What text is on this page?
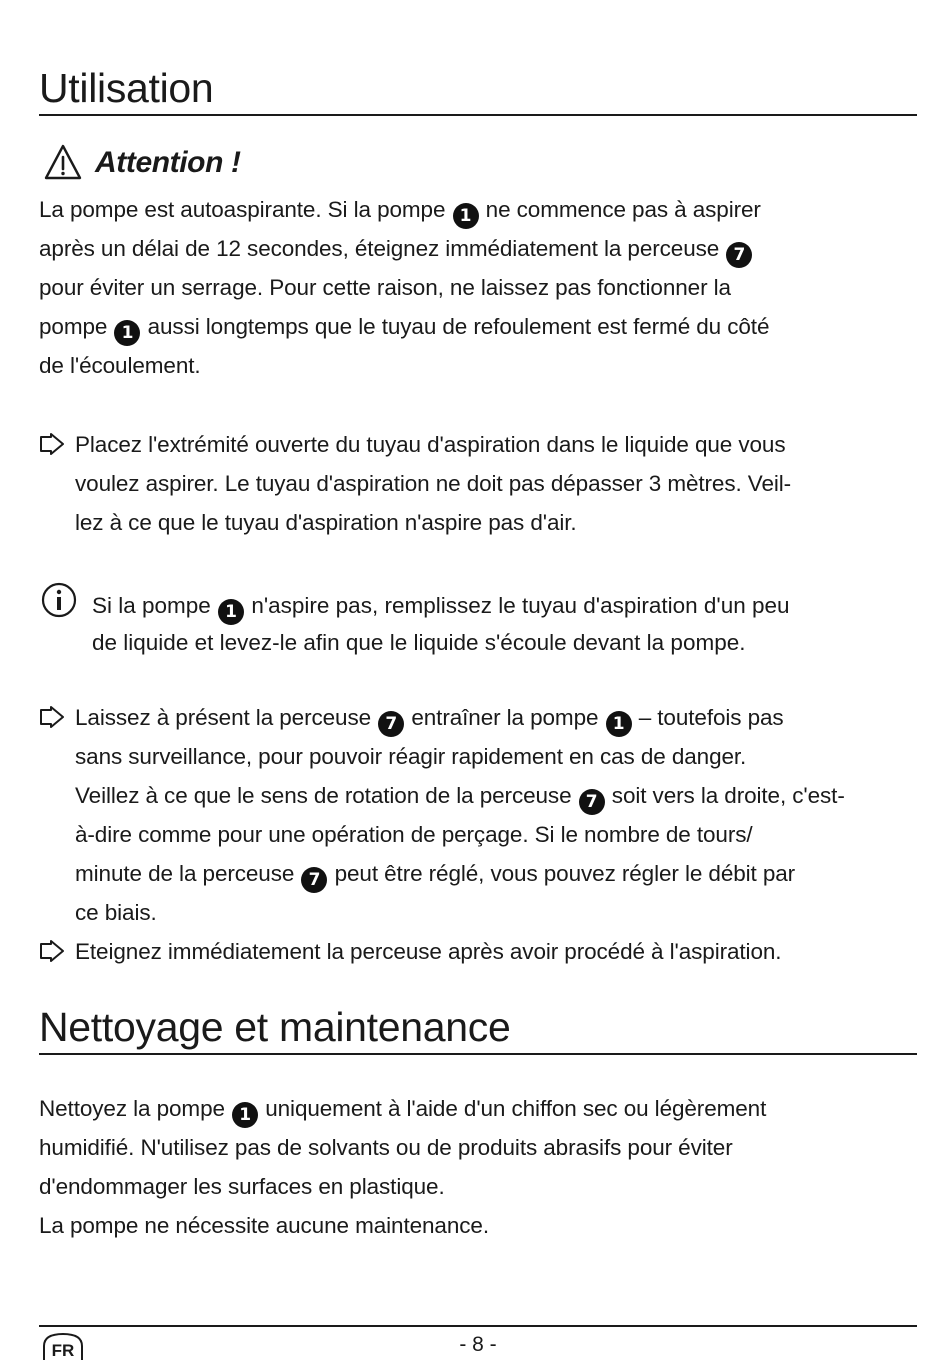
Utilisation
Attention !
La pompe est autoaspirante. Si la pompe 1 ne commence pas à aspirer
après un délai de 12 secondes, éteignez immédiatement la perceuse 7
pour éviter un serrage. Pour cette raison, ne laissez pas fonctionner la
pompe 1 aussi longtemps que le tuyau de refoulement est fermé du côté
de l'écoulement.
Placez l'extrémité ouverte du tuyau d'aspiration dans le liquide que vous
voulez aspirer. Le tuyau d'aspiration ne doit pas dépasser 3 mètres. Veil-
lez à ce que le tuyau d'aspiration n'aspire pas d'air.
Si la pompe 1 n'aspire pas, remplissez le tuyau d'aspiration d'un peu
de liquide et levez-le afin que le liquide s'écoule devant la pompe.
Laissez à présent la perceuse 7 entraîner la pompe 1 – toutefois pas
sans surveillance, pour pouvoir réagir rapidement en cas de danger.
Veillez à ce que le sens de rotation de la perceuse 7 soit vers la droite, c'est-
à-dire comme pour une opération de perçage. Si le nombre de tours/
minute de la perceuse 7 peut être réglé, vous pouvez régler le débit par
ce biais.
Eteignez immédiatement la perceuse après avoir procédé à l'aspiration.
Nettoyage et maintenance
Nettoyez la pompe 1 uniquement à l'aide d'un chiffon sec ou légèrement
humidifié. N'utilisez pas de solvants ou de produits abrasifs pour éviter
d'endommager les surfaces en plastique.
La pompe ne nécessite aucune maintenance.
FR	- 8 -
